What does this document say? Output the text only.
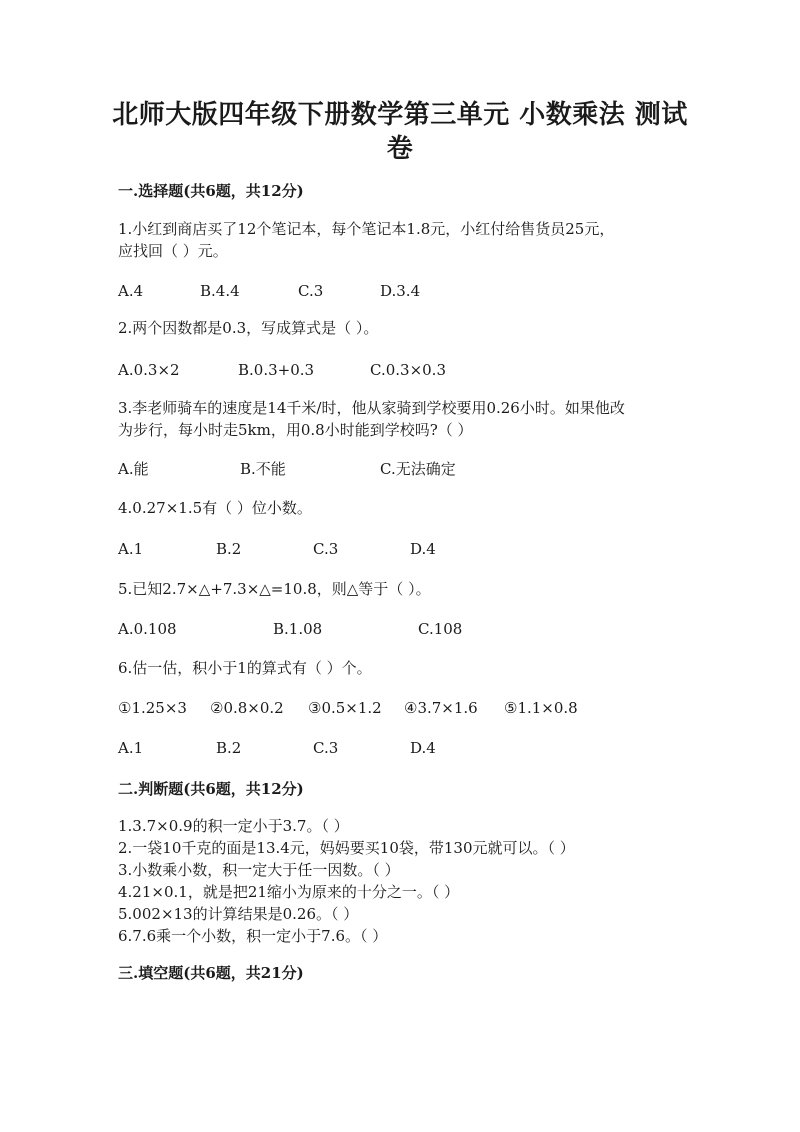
北师大版四年级下册数学第三单元 小数乘法 测试
卷
一.选择题(共6题，共12分)
1.小红到商店买了12个笔记本，每个笔记本1.8元，小红付给售货员25元，
应找回（ ）元。
A.4	B.4.4	C.3	D.3.4
2.两个因数都是0.3，写成算式是（ ）。
A.0.3×2	B.0.3+0.3	C.0.3×0.3
3.李老师骑车的速度是14千米/时，他从家骑到学校要用0.26小时。如果他改
为步行，每小时走5km，用0.8小时能到学校吗?（ ）
A.能	B.不能	C.无法确定
4.0.27×1.5有（ ）位小数。
A.1	B.2	C.3	D.4
5.已知2.7×△+7.3×△=10.8，则△等于（ ）。
A.0.108	B.1.08	C.108
6.估一估，积小于1的算式有（ ）个。
①1.25×3 ②0.8×0.2 ③0.5×1.2 ④3.7×1.6 ⑤1.1×0.8
A.1	B.2	C.3	D.4
二.判断题(共6题，共12分)
1.3.7×0.9的积一定小于3.7。（ ）
2.一袋10千克的面是13.4元，妈妈要买10袋，带130元就可以。（ ）
3.小数乘小数，积一定大于任一因数。（ ）
4.21×0.1，就是把21缩小为原来的十分之一。（ ）
5.002×13的计算结果是0.26。（ ）
6.7.6乘一个小数，积一定小于7.6。（ ）
三.填空题(共6题，共21分)
